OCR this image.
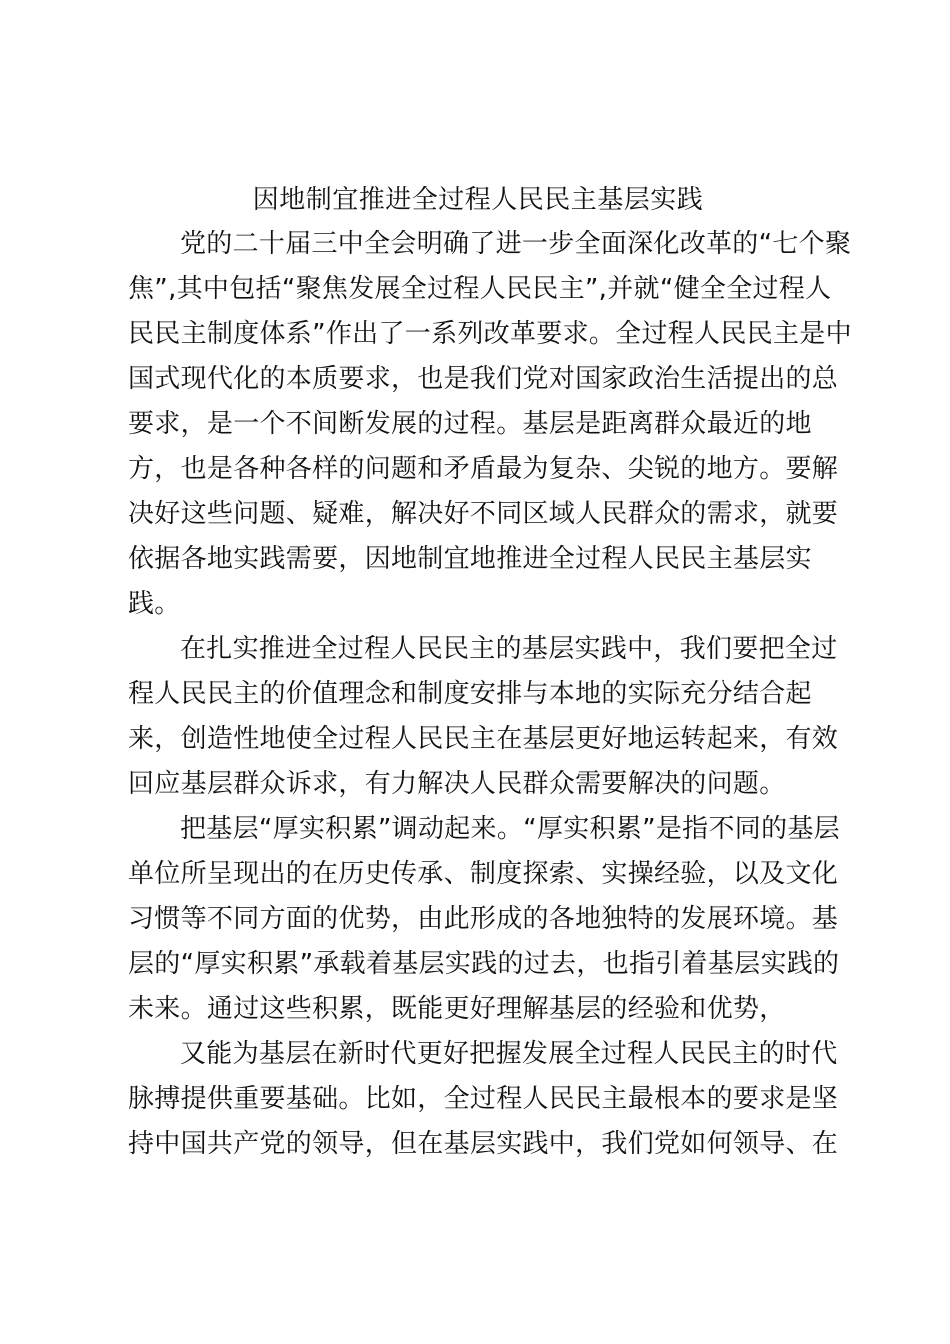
因地制宜推进全过程人民民主基层实践
党的二十届三中全会明确了进一步全面深化改革的“七个聚
焦”,其中包括“聚焦发展全过程人民民主”,并就“健全全过程人
民民主制度体系”作出了一系列改革要求。全过程人民民主是中
国式现代化的本质要求，也是我们党对国家政治生活提出的总
要求，是一个不间断发展的过程。基层是距离群众最近的地
方，也是各种各样的问题和矛盾最为复杂、尖锐的地方。要解
决好这些问题、疑难，解决好不同区域人民群众的需求，就要
依据各地实践需要，因地制宜地推进全过程人民民主基层实
践。
在扎实推进全过程人民民主的基层实践中，我们要把全过
程人民民主的价值理念和制度安排与本地的实际充分结合起
来，创造性地使全过程人民民主在基层更好地运转起来，有效
回应基层群众诉求，有力解决人民群众需要解决的问题。
把基层“厚实积累”调动起来。“厚实积累”是指不同的基层
单位所呈现出的在历史传承、制度探索、实操经验，以及文化
习惯等不同方面的优势，由此形成的各地独特的发展环境。基
层的“厚实积累”承载着基层实践的过去，也指引着基层实践的
未来。通过这些积累，既能更好理解基层的经验和优势，
又能为基层在新时代更好把握发展全过程人民民主的时代
脉搏提供重要基础。比如，全过程人民民主最根本的要求是坚
持中国共产党的领导，但在基层实践中，我们党如何领导、在
